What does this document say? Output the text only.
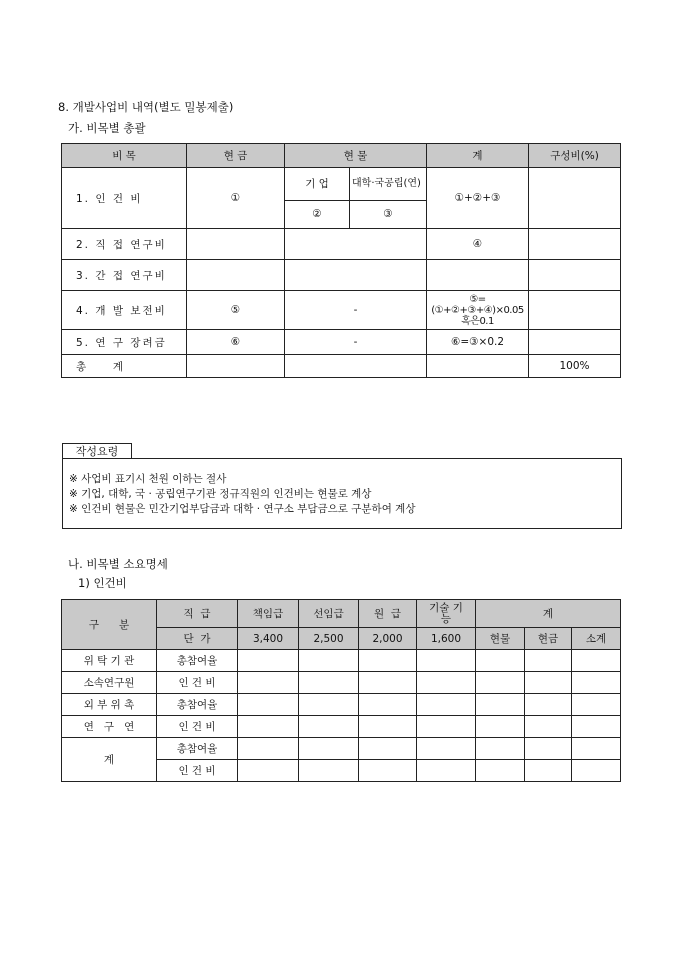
8. 개발사업비 내역(별도 밀봉제출)
가. 비목별 총괄
비 목	현 금	현 물		계	구성비(%)
1. 인 건 비	①	기 업	대학·국공립(연)	①+②+③	
		②	③		
2. 직 접 연구비				④	
3. 간 접 연구비					
4. 개 발 보전비	⑤	-		⑤=(①+②+③+④)×0.05혹은0.1	
5. 연 구 장려금	⑥	-		⑥=③×0.2	
총        계					100%
작성요령
※ 사업비 표기시 천원 이하는 절사
※ 기업, 대학, 국 · 공립연구기관 정규직원의 인건비는 현물로 계상
※ 인건비 현물은 민간기업부담금과 대학 · 연구소 부담금으로 구분하여 계상
나. 비목별 소요명세
1) 인건비
구      분	직  급	책임급	선임급	원  급	기술 기능	계		
	단  가	3,400	2,500	2,000	1,600	현물	현금	소계
위 탁 기 관	총참여율							
소속연구원	인 건 비							
외 부 위 촉	총참여율							
연   구   연	인 건 비							
계	총참여율							
	인 건 비							
